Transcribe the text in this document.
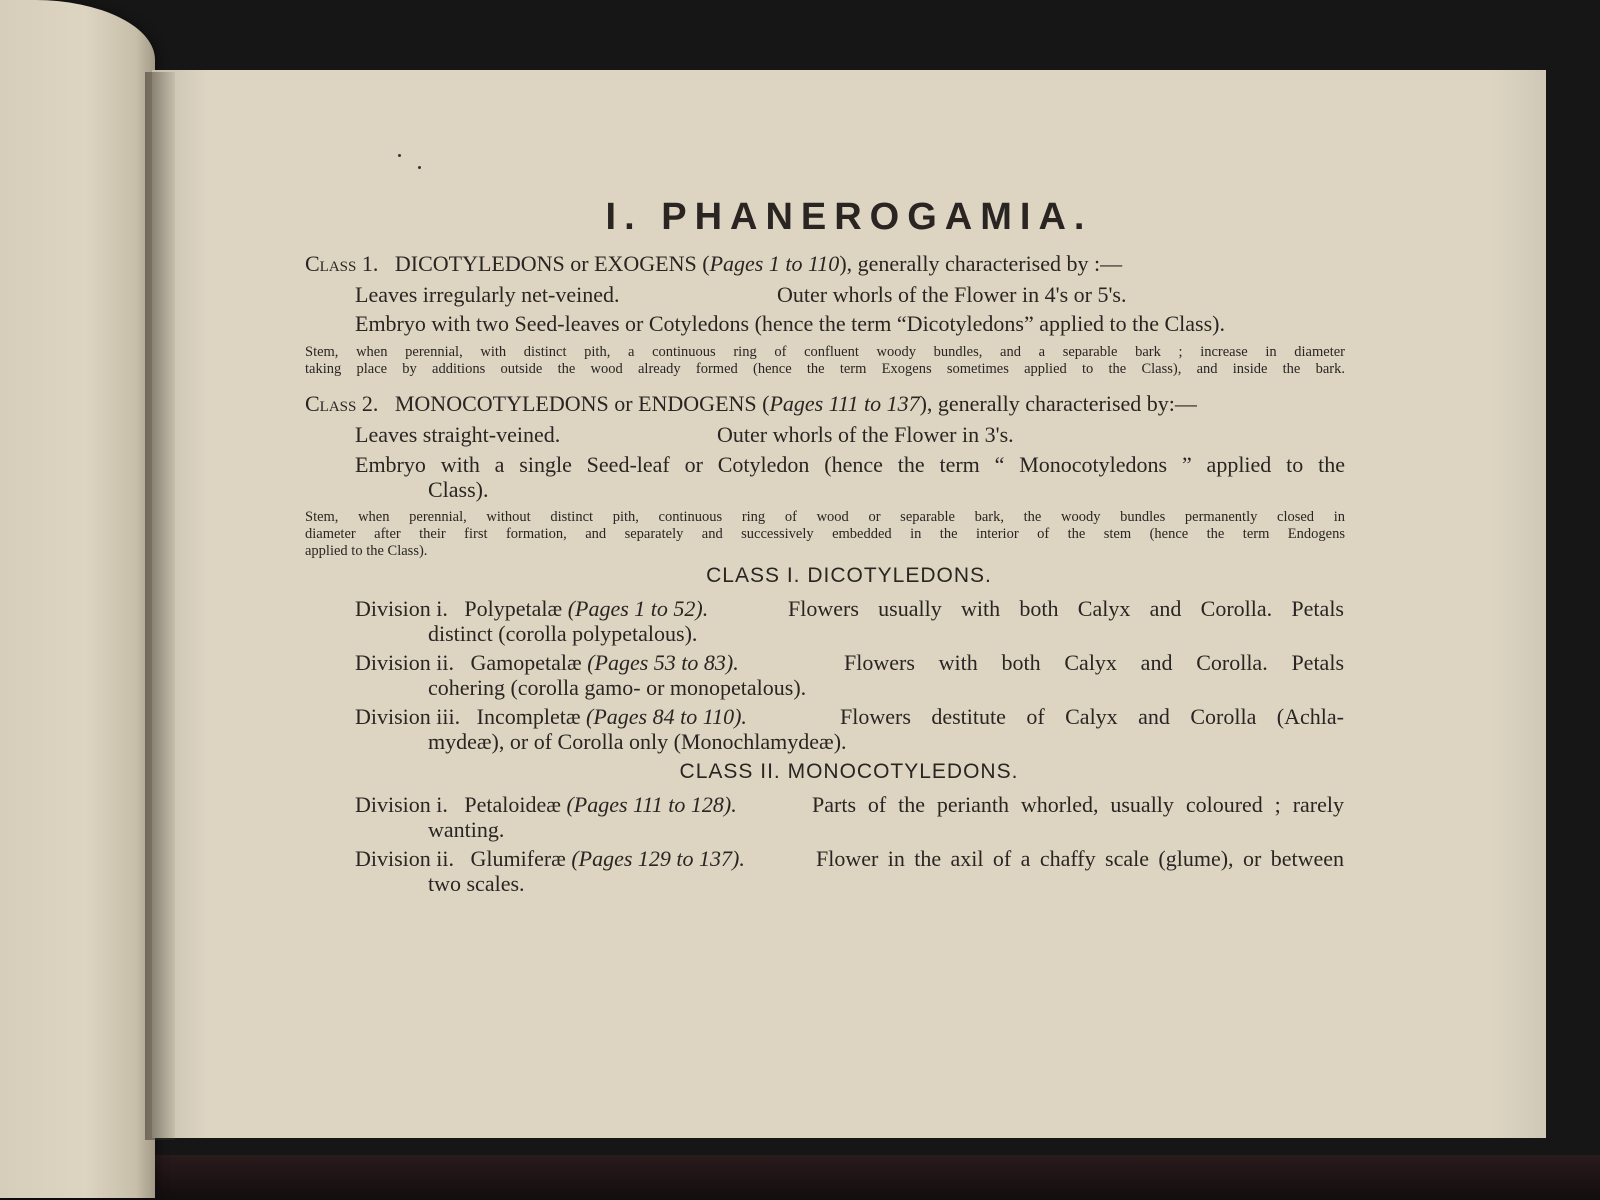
I. PHANEROGAMIA.
Class 1. DICOTYLEDONS or EXOGENS (Pages 1 to 110), generally characterised by :—
Leaves irregularly net-veined.	Outer whorls of the Flower in 4's or 5's.
Embryo with two Seed-leaves or Cotyledons (hence the term “Dicotyledons” applied to the Class).
Stem, when perennial, with distinct pith, a continuous ring of confluent woody bundles, and a separable bark ; increase in diameter
taking place by additions outside the wood already formed (hence the term Exogens sometimes applied to the Class), and inside the bark.
Class 2. MONOCOTYLEDONS or ENDOGENS (Pages 111 to 137), generally characterised by:—
Leaves straight-veined.	Outer whorls of the Flower in 3's.
Embryo with a single Seed-leaf or Cotyledon (hence the term “ Monocotyledons ” applied to the
Class).
Stem, when perennial, without distinct pith, continuous ring of wood or separable bark, the woody bundles permanently closed in
diameter after their first formation, and separately and successively embedded in the interior of the stem (hence the term Endogens
applied to the Class).
CLASS I. DICOTYLEDONS.
Division i. Polypetalæ (Pages 1 to 52).	Flowers usually with both Calyx and Corolla. Petals
distinct (corolla polypetalous).
Division ii. Gamopetalæ (Pages 53 to 83).	Flowers with both Calyx and Corolla. Petals
cohering (corolla gamo- or monopetalous).
Division iii. Incompletæ (Pages 84 to 110).	Flowers destitute of Calyx and Corolla (Achla-
mydeæ), or of Corolla only (Monochlamydeæ).
CLASS II. MONOCOTYLEDONS.
Division i. Petaloideæ (Pages 111 to 128).	Parts of the perianth whorled, usually coloured ; rarely
wanting.
Division ii. Glumiferæ (Pages 129 to 137).	Flower in the axil of a chaffy scale (glume), or between
two scales.
